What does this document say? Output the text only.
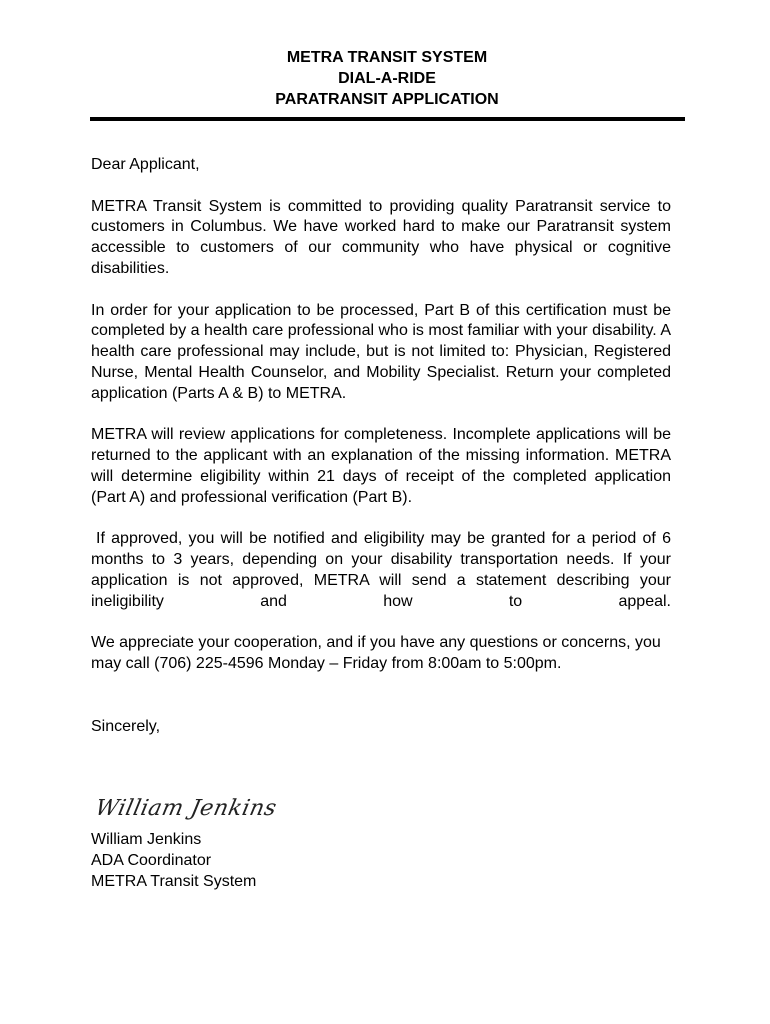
METRA TRANSIT SYSTEM
DIAL-A-RIDE
PARATRANSIT APPLICATION

Dear Applicant,

METRA Transit System is committed to providing quality Paratransit service to customers in Columbus. We have worked hard to make our Paratransit system accessible to customers of our community who have physical or cognitive disabilities.

In order for your application to be processed, Part B of this certification must be completed by a health care professional who is most familiar with your disability. A health care professional may include, but is not limited to: Physician, Registered Nurse, Mental Health Counselor, and Mobility Specialist. Return your completed application (Parts A & B) to METRA.

METRA will review applications for completeness. Incomplete applications will be returned to the applicant with an explanation of the missing information. METRA will determine eligibility within 21 days of receipt of the completed application (Part A) and professional verification (Part B).

If approved, you will be notified and eligibility may be granted for a period of 6 months to 3 years, depending on your disability transportation needs. If your application is not approved, METRA will send a statement describing your ineligibility and how to appeal.

We appreciate your cooperation, and if you have any questions or concerns, you may call (706) 225-4596 Monday – Friday from 8:00am to 5:00pm.

Sincerely,

William Jenkins
William Jenkins
ADA Coordinator
METRA Transit System
